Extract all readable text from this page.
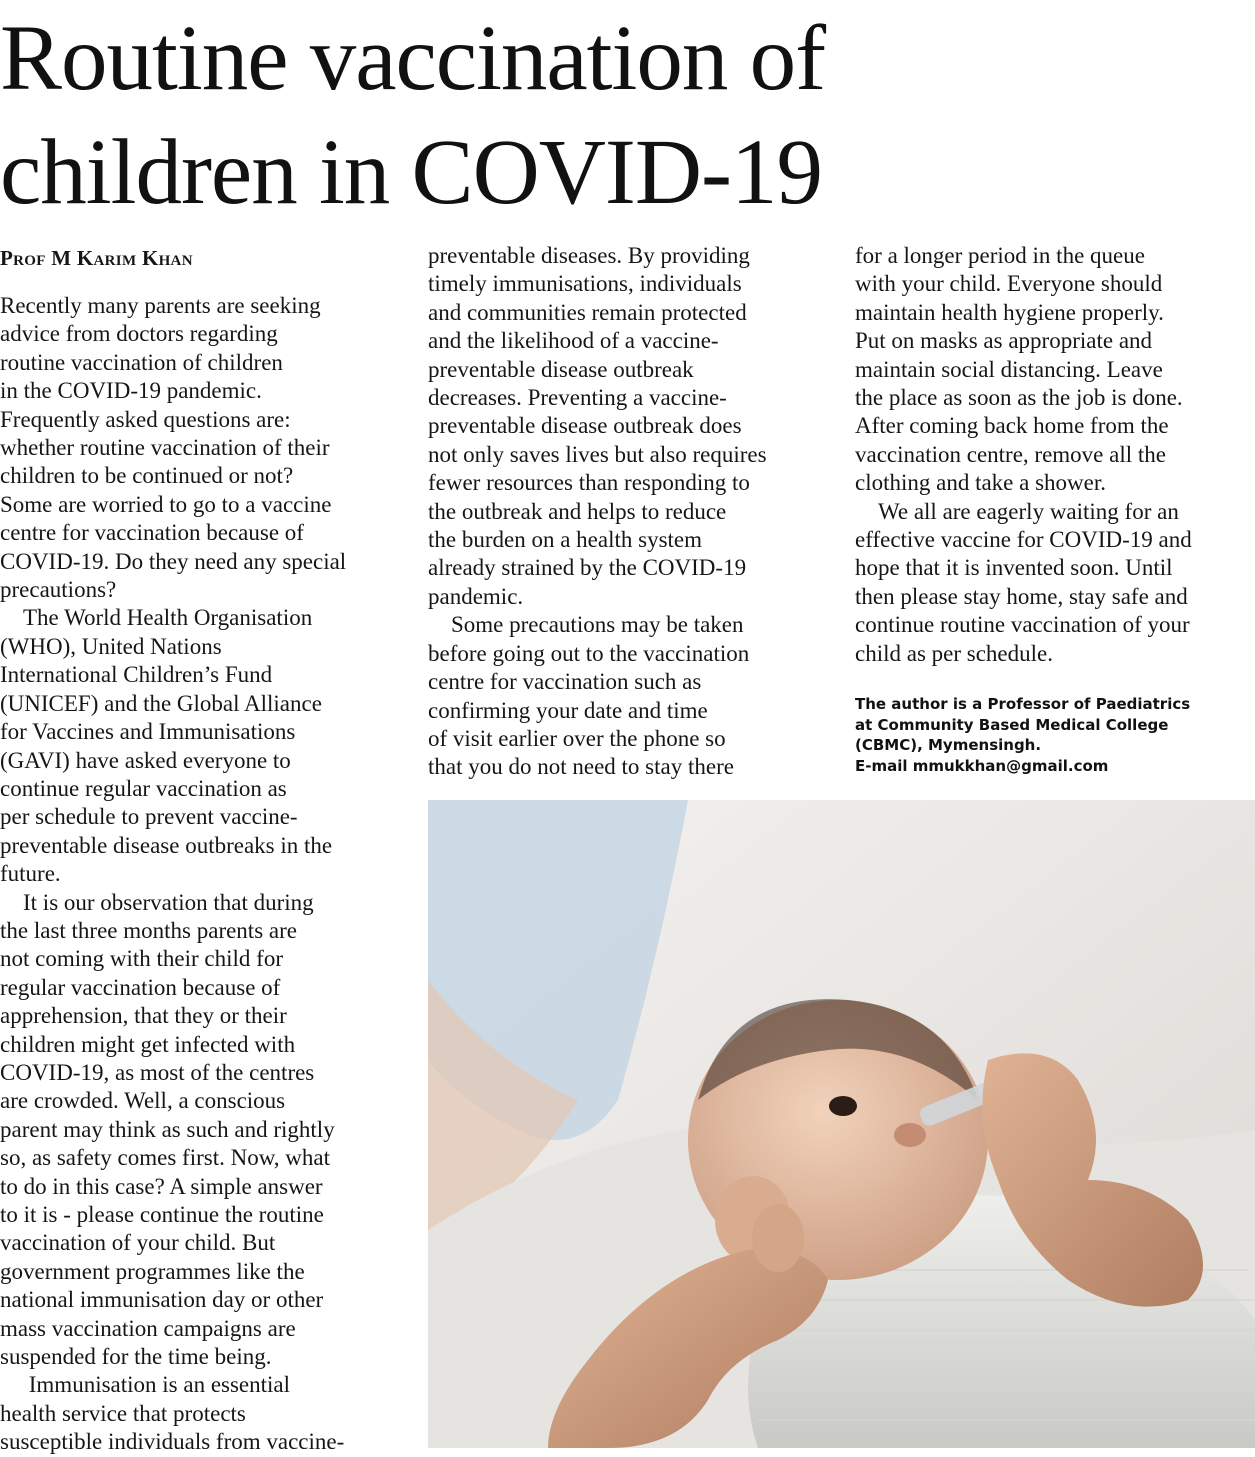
Routine vaccination of
children in COVID-19
Prof M Karim Khan
Recently many parents are seeking
advice from doctors regarding
routine vaccination of children
in the COVID-19 pandemic.
Frequently asked questions are:
whether routine vaccination of their
children to be continued or not?
Some are worried to go to a vaccine
centre for vaccination because of
COVID-19. Do they need any special
precautions?
 The World Health Organisation
(WHO), United Nations
International Children’s Fund
(UNICEF) and the Global Alliance
for Vaccines and Immunisations
(GAVI) have asked everyone to
continue regular vaccination as
per schedule to prevent vaccine-
preventable disease outbreaks in the
future.
 It is our observation that during
the last three months parents are
not coming with their child for
regular vaccination because of
apprehension, that they or their
children might get infected with
COVID-19, as most of the centres
are crowded. Well, a conscious
parent may think as such and rightly
so, as safety comes first. Now, what
to do in this case? A simple answer
to it is - please continue the routine
vaccination of your child. But
government programmes like the
national immunisation day or other
mass vaccination campaigns are
suspended for the time being.
  Immunisation is an essential
health service that protects
susceptible individuals from vaccine-
preventable diseases. By providing
timely immunisations, individuals
and communities remain protected
and the likelihood of a vaccine-
preventable disease outbreak
decreases. Preventing a vaccine-
preventable disease outbreak does
not only saves lives but also requires
fewer resources than responding to
the outbreak and helps to reduce
the burden on a health system
already strained by the COVID-19
pandemic.
 Some precautions may be taken
before going out to the vaccination
centre for vaccination such as
confirming your date and time
of visit earlier over the phone so
that you do not need to stay there
for a longer period in the queue
with your child. Everyone should
maintain health hygiene properly.
Put on masks as appropriate and
maintain social distancing. Leave
the place as soon as the job is done.
After coming back home from the
vaccination centre, remove all the
clothing and take a shower.
 We all are eagerly waiting for an
effective vaccine for COVID-19 and
hope that it is invented soon. Until
then please stay home, stay safe and
continue routine vaccination of your
child as per schedule.
The author is a Professor of Paediatrics
at Community Based Medical College
(CBMC), Mymensingh.
E-mail mmukkhan@gmail.com
